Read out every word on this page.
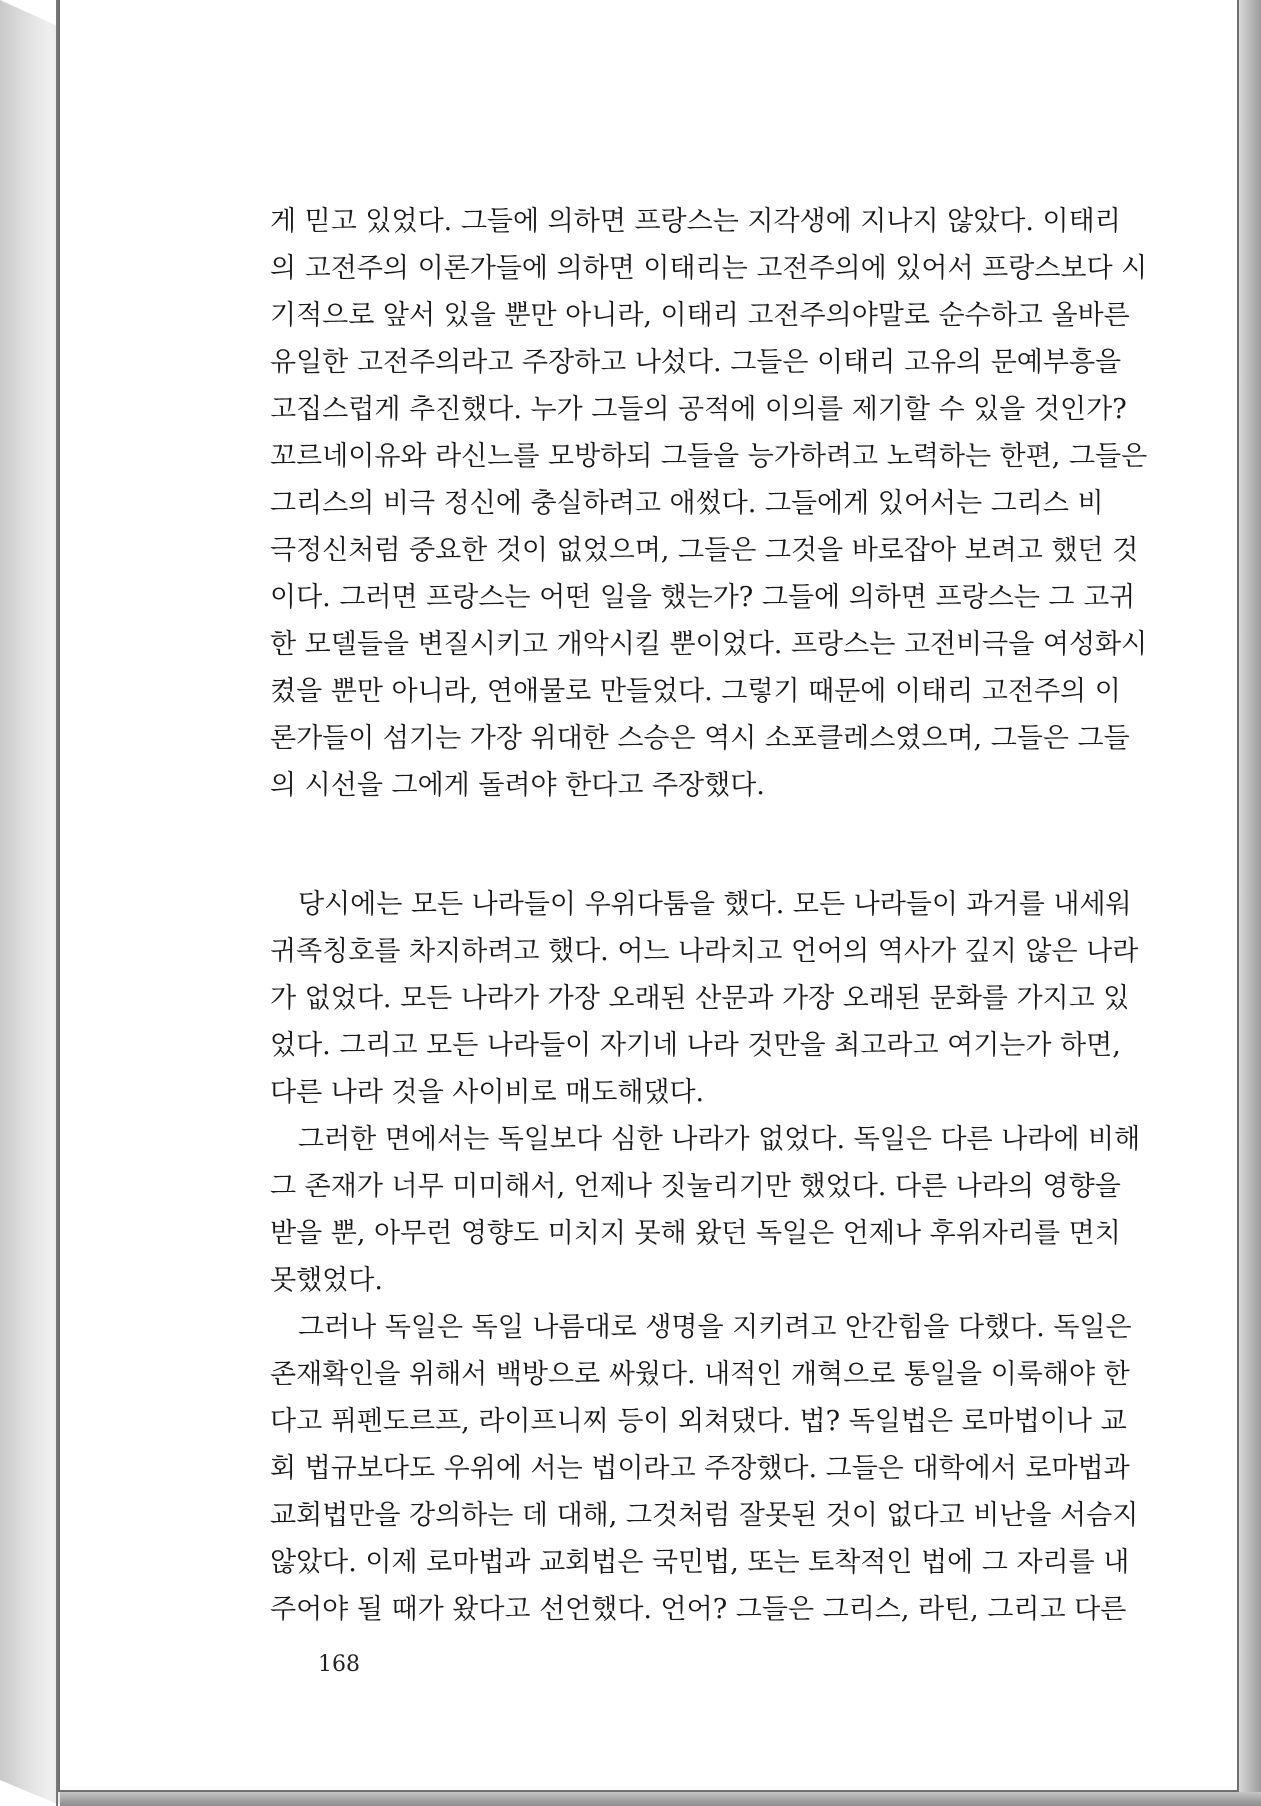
게 믿고 있었다. 그들에 의하면 프랑스는 지각생에 지나지 않았다. 이태리
의 고전주의 이론가들에 의하면 이태리는 고전주의에 있어서 프랑스보다 시
기적으로 앞서 있을 뿐만 아니라, 이태리 고전주의야말로 순수하고 올바른
유일한 고전주의라고 주장하고 나섰다. 그들은 이태리 고유의 문예부흥을
고집스럽게 추진했다. 누가 그들의 공적에 이의를 제기할 수 있을 것인가?
꼬르네이유와 라신느를 모방하되 그들을 능가하려고 노력하는 한편, 그들은
그리스의 비극 정신에 충실하려고 애썼다. 그들에게 있어서는 그리스 비
극정신처럼 중요한 것이 없었으며, 그들은 그것을 바로잡아 보려고 했던 것
이다. 그러면 프랑스는 어떤 일을 했는가? 그들에 의하면 프랑스는 그 고귀
한 모델들을 변질시키고 개악시킬 뿐이었다. 프랑스는 고전비극을 여성화시
켰을 뿐만 아니라, 연애물로 만들었다. 그렇기 때문에 이태리 고전주의 이
론가들이 섬기는 가장 위대한 스승은 역시 소포클레스였으며, 그들은 그들
의 시선을 그에게 돌려야 한다고 주장했다.
당시에는 모든 나라들이 우위다툼을 했다. 모든 나라들이 과거를 내세워
귀족칭호를 차지하려고 했다. 어느 나라치고 언어의 역사가 깊지 않은 나라
가 없었다. 모든 나라가 가장 오래된 산문과 가장 오래된 문화를 가지고 있
었다. 그리고 모든 나라들이 자기네 나라 것만을 최고라고 여기는가 하면,
다른 나라 것을 사이비로 매도해댔다.
그러한 면에서는 독일보다 심한 나라가 없었다. 독일은 다른 나라에 비해
그 존재가 너무 미미해서, 언제나 짓눌리기만 했었다. 다른 나라의 영향을
받을 뿐, 아무런 영향도 미치지 못해 왔던 독일은 언제나 후위자리를 면치
못했었다.
그러나 독일은 독일 나름대로 생명을 지키려고 안간힘을 다했다. 독일은
존재확인을 위해서 백방으로 싸웠다. 내적인 개혁으로 통일을 이룩해야 한
다고 퓌펜도르프, 라이프니찌 등이 외쳐댔다. 법? 독일법은 로마법이나 교
회 법규보다도 우위에 서는 법이라고 주장했다. 그들은 대학에서 로마법과
교회법만을 강의하는 데 대해, 그것처럼 잘못된 것이 없다고 비난을 서슴지
않았다. 이제 로마법과 교회법은 국민법, 또는 토착적인 법에 그 자리를 내
주어야 될 때가 왔다고 선언했다. 언어? 그들은 그리스, 라틴, 그리고 다른
168
